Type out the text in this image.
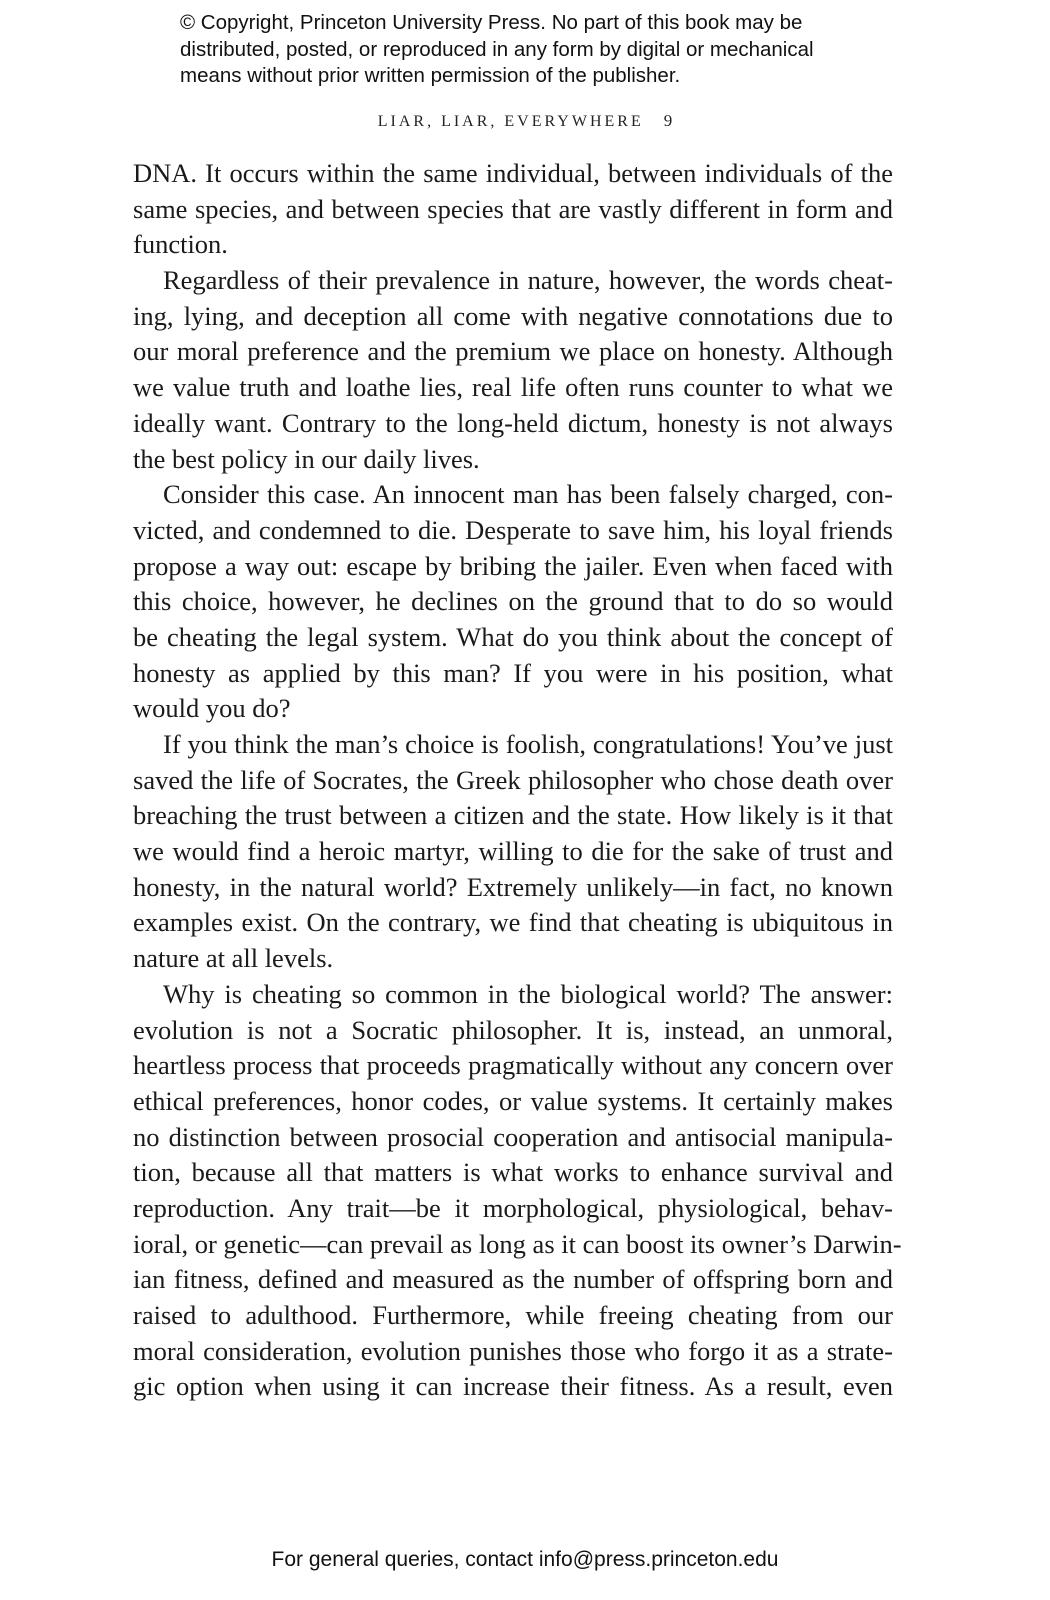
© Copyright, Princeton University Press. No part of this book may be

distributed, posted, or reproduced in any form by digital or mechanical

means without prior written permission of the publisher.

LIAR, LIAR, EVERYWHERE 9
DNA. It occurs within the same individual, between individuals of the
same species, and between species that are vastly different in form and
function.
Regardless of their prevalence in nature, however, the words cheat-
ing, lying, and deception all come with negative connotations due to
our moral preference and the premium we place on honesty. Although
we value truth and loathe lies, real life often runs counter to what we
ideally want. Contrary to the long-held dictum, honesty is not always
the best policy in our daily lives.
Consider this case. An innocent man has been falsely charged, con-
victed, and condemned to die. Desperate to save him, his loyal friends
propose a way out: escape by bribing the jailer. Even when faced with
this choice, however, he declines on the ground that to do so would
be cheating the legal system. What do you think about the concept of
honesty as applied by this man? If you were in his position, what
would you do?
If you think the man’s choice is foolish, congratulations! You’ve just
saved the life of Socrates, the Greek philosopher who chose death over
breaching the trust between a citizen and the state. How likely is it that
we would find a heroic martyr, willing to die for the sake of trust and
honesty, in the natural world? Extremely unlikely—in fact, no known
examples exist. On the contrary, we find that cheating is ubiquitous in
nature at all levels.
Why is cheating so common in the biological world? The answer:
evolution is not a Socratic philosopher. It is, instead, an unmoral,
heartless process that proceeds pragmatically without any concern over
ethical preferences, honor codes, or value systems. It certainly makes
no distinction between prosocial cooperation and antisocial manipula-
tion, because all that matters is what works to enhance survival and
reproduction. Any trait—be it morphological, physiological, behav-
ioral, or genetic—can prevail as long as it can boost its owner’s Darwin-
ian fitness, defined and measured as the number of offspring born and
raised to adulthood. Furthermore, while freeing cheating from our
moral consideration, evolution punishes those who forgo it as a strate-
gic option when using it can increase their fitness. As a result, even
For general queries, contact info@press.princeton.edu
